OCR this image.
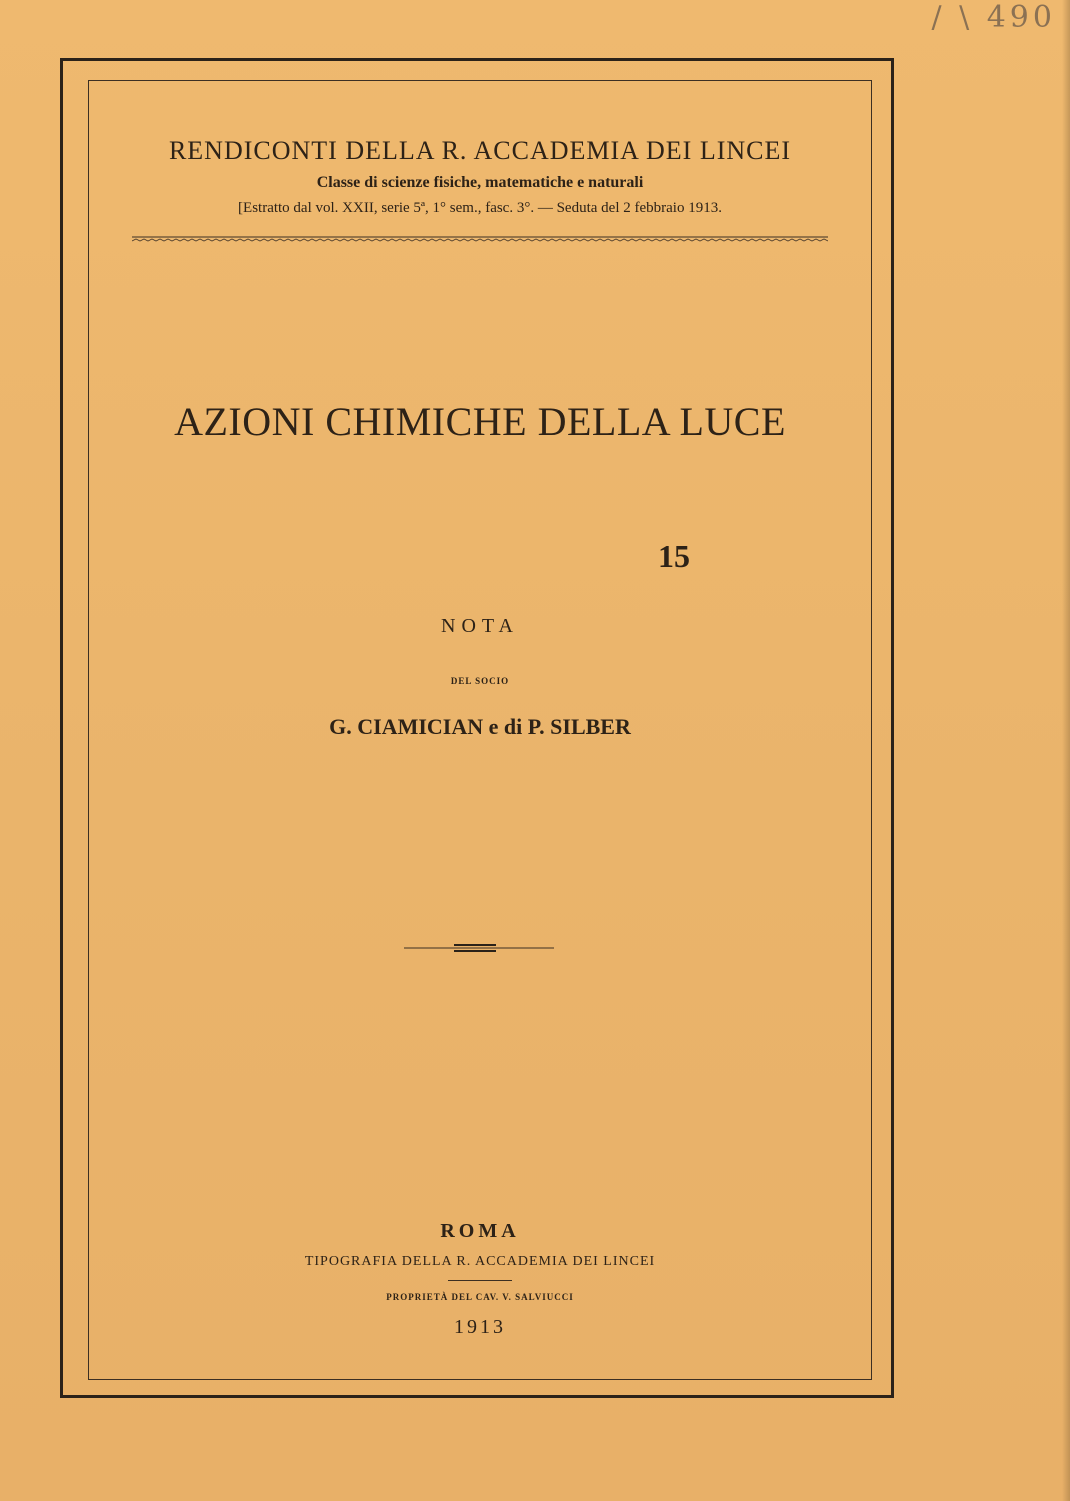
/ \ 490
RENDICONTI DELLA R. ACCADEMIA DEI LINCEI
Classe di scienze fisiche, matematiche e naturali
[Estratto dal vol. XXII, serie 5ª, 1° sem., fasc. 3°. — Seduta del 2 febbraio 1913.
AZIONI CHIMICHE DELLA LUCE
15
NOTA
DEL SOCIO
G. CIAMICIAN e di P. SILBER
ROMA
TIPOGRAFIA DELLA R. ACCADEMIA DEI LINCEI
PROPRIETÀ DEL CAV. V. SALVIUCCI
1913
